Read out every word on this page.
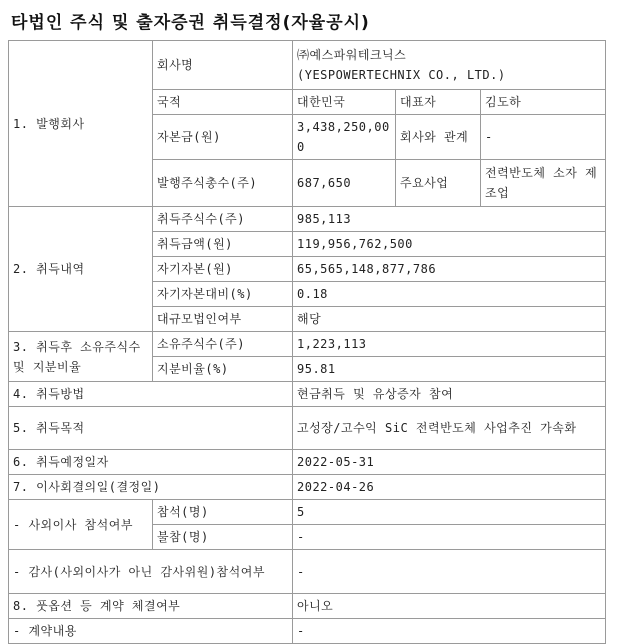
타법인 주식 및 출자증권 취득결정(자율공시)
1. 발행회사	회사명	㈜예스파워테크닉스
(YESPOWERTECHNIX CO., LTD.)		

	국적	대한민국	대표자	김도하
	자본금(원)	3,438,250,000	회사와 관계	-
	발행주식총수(주)	687,650	주요사업	전력반도체 소자 제조업

2. 취득내역	취득주식수(주)	985,113		
	취득금액(원)	119,956,762,500		
	자기자본(원)	65,565,148,877,786		
	자기자본대비(%)	0.18		
	대규모법인여부	해당		
3. 취득후 소유주식수 및 지분비율	소유주식수(주)	1,223,113		
	지분비율(%)	95.81		
4. 취득방법		현금취득 및 유상증자 참여		
5. 취득목적		고성장/고수익 SiC 전력반도체 사업추진 가속화		
6. 취득예정일자		2022-05-31		
7. 이사회결의일(결정일)		2022-04-26		
- 사외이사 참석여부	참석(명)	5		
	불참(명)	-		
- 감사(사외이사가 아닌 감사위원)참석여부		-		
8. 풋옵션 등 계약 체결여부		아니오		
- 계약내용		-		
